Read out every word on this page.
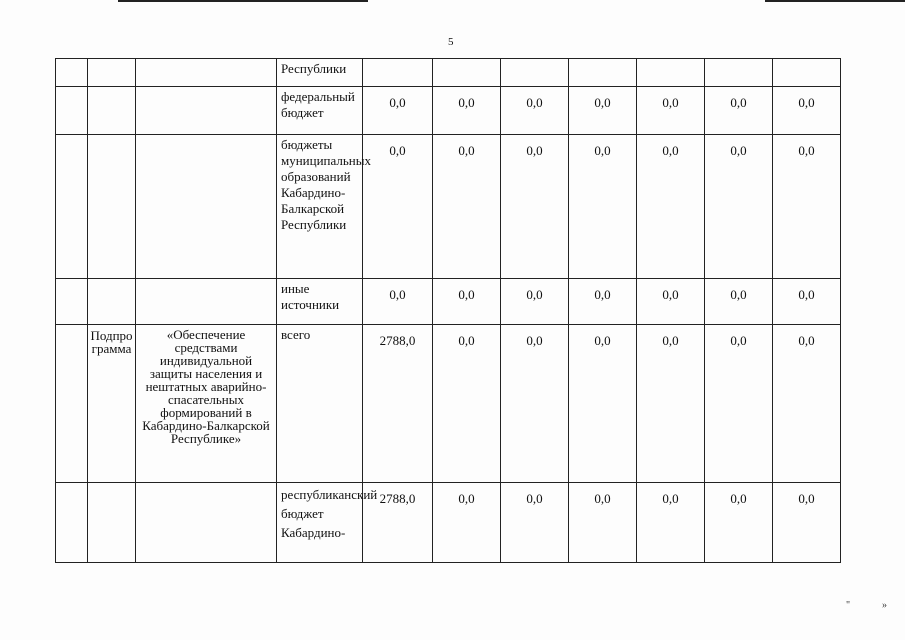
5
			Республики							
			федеральный бюджет	0,0	0,0	0,0	0,0	0,0	0,0	0,0
			бюджеты муниципальных образований Кабардино-Балкарской Республики	0,0	0,0	0,0	0,0	0,0	0,0	0,0
			иные источники	0,0	0,0	0,0	0,0	0,0	0,0	0,0
	Подпрограмма	«Обеспечение средствами индивидуальной защиты населения и нештатных аварийно-спасательных формирований в Кабардино-Балкарской Республике»	всего	2788,0	0,0	0,0	0,0	0,0	0,0	0,0
			республиканский бюджет Кабардино-	2788,0	0,0	0,0	0,0	0,0	0,0	0,0
"	»
